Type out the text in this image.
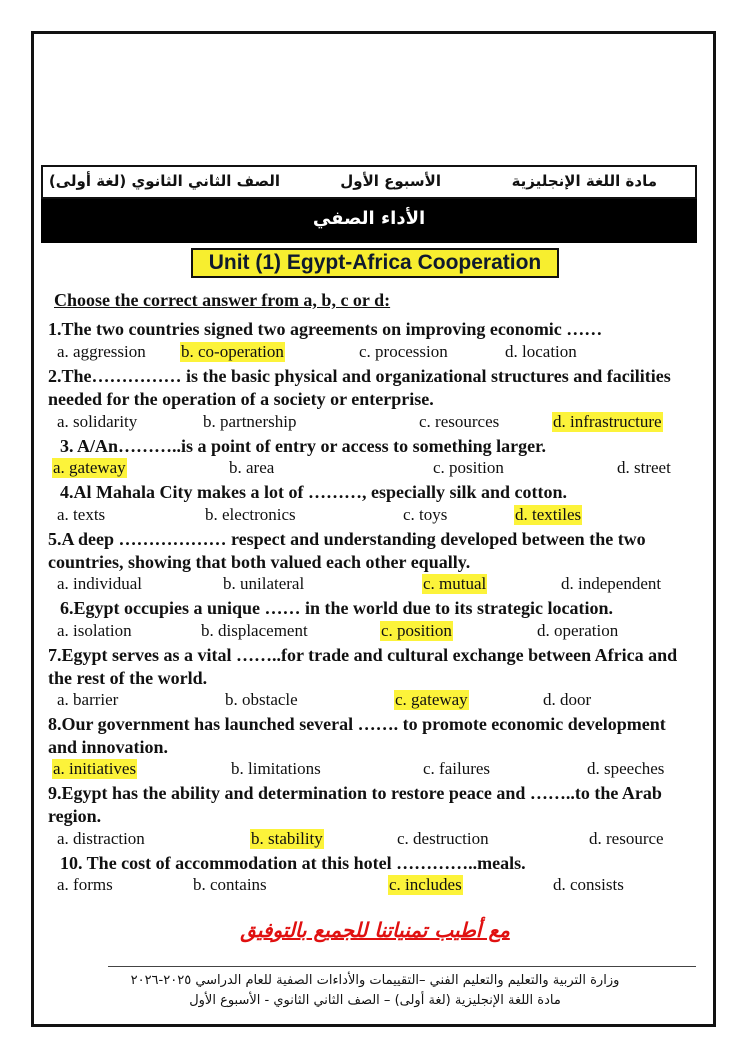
مادة اللغة الإنجليزية
الأسبوع الأول
الصف الثاني الثانوي (لغة أولى)
الأداء الصفي
Unit (1) Egypt-Africa Cooperation
Choose the correct answer from a, b, c or d:
1.The two countries signed two agreements on improving economic ……
a. aggression b. co-operation	c. procession	d. location
2.The…………… is the basic physical and organizational structures and facilities needed for the operation of a society or enterprise.
a. solidarity	b. partnership	c. resources	d. infrastructure
3. A/An………..is a point of entry or access to something larger.
a. gateway	b. area	c. position	d. street
4.Al Mahala City makes a lot of ………, especially silk and cotton.
a. texts	b. electronics	c. toys	d. textiles
5.A deep ……………… respect and understanding developed between the two countries, showing that both valued each other equally.
a. individual	b. unilateral	c. mutual	d. independent
6.Egypt occupies a unique …… in the world due to its strategic location.
a. isolation	b. displacement	c. position	d. operation
7.Egypt serves as a vital ……..for trade and cultural exchange between Africa and the rest of the world.
a. barrier	b. obstacle	c. gateway	d. door
8.Our government has launched several ……. to promote economic development and innovation.
a. initiatives	b. limitations	c. failures	d. speeches
9.Egypt has the ability and determination to restore peace and ……..to the Arab region.
a. distraction	b. stability	c. destruction	d. resource
10. The cost of accommodation at this hotel …………..meals.
a. forms	b. contains	c. includes	d. consists
مع أطيب تمنياتنا للجميع بالتوفيق
وزارة التربية والتعليم والتعليم الفني –التقييمات والأداءات الصفية للعام الدراسي ٢٠٢٥-٢٠٢٦
مادة اللغة الإنجليزية (لغة أولى) – الصف الثاني الثانوي - الأسبوع الأول
